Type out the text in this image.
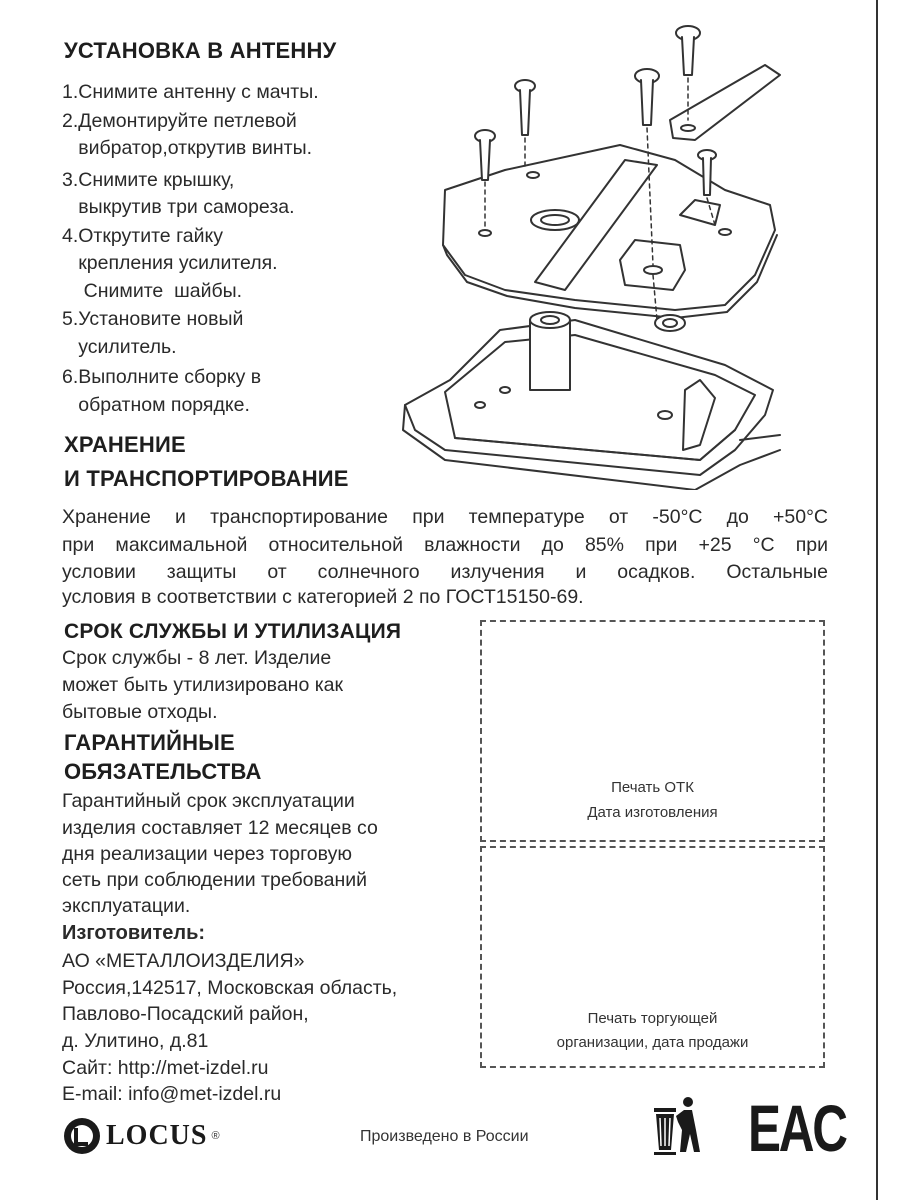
УСТАНОВКА В АНТЕННУ
1.Снимите антенну с мачты.
2.Демонтируйте петлевой
вибратор,открутив винты.
3.Снимите крышку,
выкрутив три самореза.
4.Открутите гайку
крепления усилителя.
Снимите  шайбы.
5.Установите новый
усилитель.
6.Выполните сборку в
обратном порядке.
ХРАНЕНИЕ
И ТРАНСПОРТИРОВАНИЕ
Хранение и транспортирование при температуре от -50°С до +50°С
при максимальной относительной влажности до 85% при +25 °С при
условии защиты от солнечного излучения и осадков. Остальные
условия в соответствии с категорией 2 по ГОСТ15150-69.
СРОК СЛУЖБЫ И УТИЛИЗАЦИЯ
Срок службы - 8 лет. Изделие
может быть утилизировано как
бытовые отходы.
ГАРАНТИЙНЫЕ
ОБЯЗАТЕЛЬСТВА
Гарантийный срок эксплуатации
изделия составляет 12 месяцев со
дня реализации через торговую
сеть при соблюдении требований
эксплуатации.
Изготовитель:
АО «МЕТАЛЛОИЗДЕЛИЯ»
Россия,142517, Московская область,
Павлово-Посадский район,
д. Улитино, д.81
Сайт: http://met-izdel.ru
E-mail: info@met-izdel.ru
Печать ОТК
Дата изготовления
Печать торгующей
организации, дата продажи
LOCUS ®	Произведено в России	EAC
